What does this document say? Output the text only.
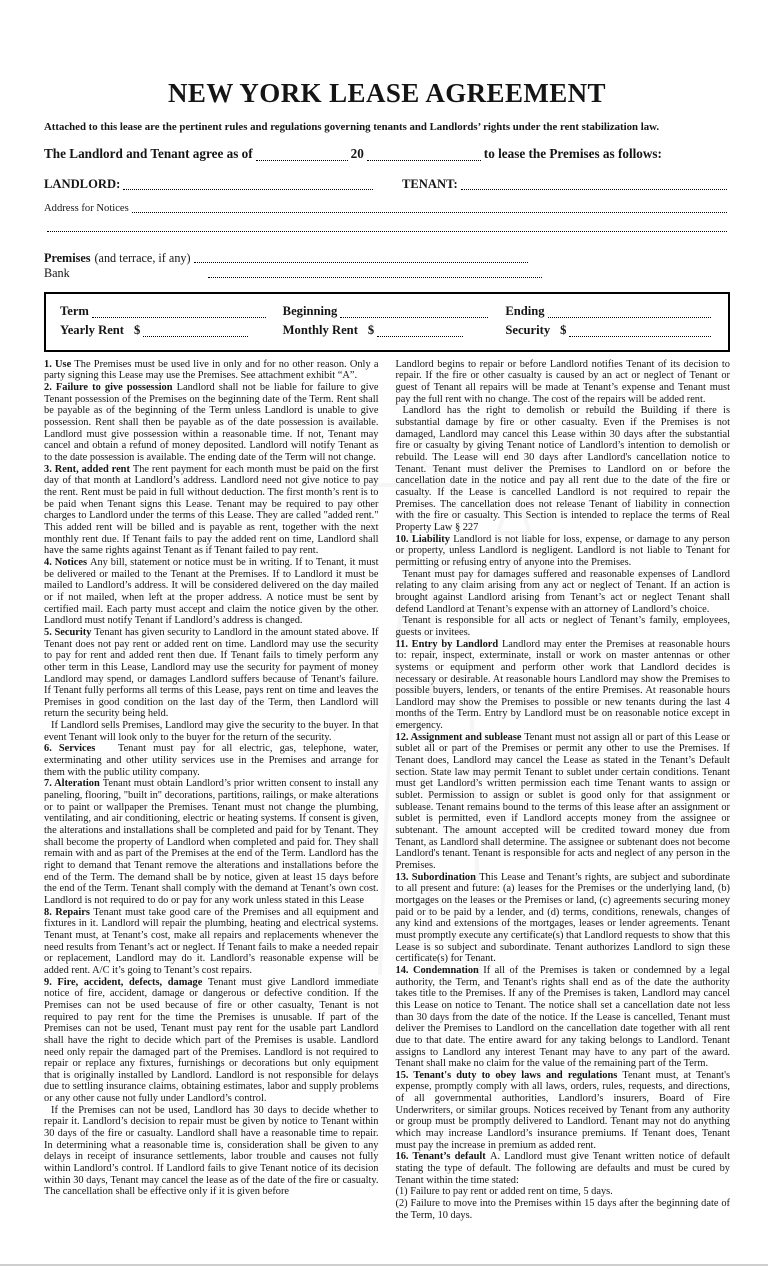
NEW YORK LEASE AGREEMENT

Attached to this lease are the pertinent rules and regulations governing tenants and Landlords’ rights under the rent stabilization law.

The Landlord and Tenant agree as of	20	to lease the Premises as follows:
LANDLORD:	TENANT:
Address for Notices
Premises (and terrace, if any)
Bank
Term	Beginning	Ending
Yearly Rent $	Monthly Rent $	Security $

1. Use The Premises must be used live in only and for no other reason. Only a party signing this Lease may use the Premises. See attachment exhibit “A”.

2. Failure to give possession Landlord shall not be liable for failure to give Tenant possession of the Premises on the beginning date of the Term. Rent shall be payable as of the beginning of the Term unless Landlord is unable to give possession. Rent shall then be payable as of the date possession is available. Landlord must give possession within a reasonable time. If not, Tenant may cancel and obtain a refund of money deposited. Landlord will notify Tenant as to the date possession is available. The ending date of the Term will not change.

3. Rent, added rent The rent payment for each month must be paid on the first day of that month at Landlord’s address. Landlord need not give notice to pay the rent. Rent must be paid in full without deduction. The first month’s rent is to be paid when Tenant signs this Lease. Tenant may be required to pay other charges to Landlord under the terms of this Lease. They are called "added rent." This added rent will be billed and is payable as rent, together with the next monthly rent due. If Tenant fails to pay the added rent on time, Landlord shall have the same rights against Tenant as if Tenant failed to pay rent.

4. Notices Any bill, statement or notice must be in writing. If to Tenant, it must be delivered or mailed to the Tenant at the Premises. If to Landlord it must be mailed to Landlord’s address. It will be considered delivered on the day mailed or if not mailed, when left at the proper address. A notice must be sent by certified mail. Each party must accept and claim the notice given by the other. Landlord must notify Tenant if Landlord’s address is changed.

5. Security Tenant has given security to Landlord in the amount stated above. If Tenant does not pay rent or added rent on time. Landlord may use the security to pay for rent and added rent then due. If Tenant fails to timely perform any other term in this Lease, Landlord may use the security for payment of money Landlord may spend, or damages Landlord suffers because of Tenant's failure. If Tenant fully performs all terms of this Lease, pays rent on time and leaves the Premises in good condition on the last day of the Term, then Landlord will return the security being held.

If Landlord sells Premises, Landlord may give the security to the buyer. In that event Tenant will look only to the buyer for the return of the security.

6. Services    Tenant must pay for all electric, gas, telephone, water, exterminating and other utility services use in the Premises and arrange for them with the public utility company.

7. Alteration Tenant must obtain Landlord’s prior written consent to install any paneling, flooring, "built in" decorations, partitions, railings, or make alterations or to paint or wallpaper the Premises. Tenant must not change the plumbing, ventilating, and air conditioning, electric or heating systems. If consent is given, the alterations and installations shall be completed and paid for by Tenant. They shall become the property of Landlord when completed and paid for. They shall remain with and as part of the Premises at the end of the Term. Landlord has the right to demand that Tenant remove the alterations and installations before the end of the Term. The demand shall be by notice, given at least 15 days before the end of the Term. Tenant shall comply with the demand at Tenant’s own cost. Landlord is not required to do or pay for any work unless stated in this Lease

8. Repairs Tenant must take good care of the Premises and all equipment and fixtures in it. Landlord will repair the plumbing, heating and electrical systems. Tenant must, at Tenant’s cost, make all repairs and replacements whenever the need results from Tenant’s act or neglect. If Tenant fails to make a needed repair or replacement, Landlord may do it. Landlord’s reasonable expense will be added rent. A/C it’s going to Tenant’s cost repairs.

9. Fire, accident, defects, damage Tenant must give Landlord immediate notice of fire, accident, damage or dangerous or defective condition. If the Premises can not be used because of fire or other casualty, Tenant is not required to pay rent for the time the Premises is unusable. If part of the Premises can not be used, Tenant must pay rent for the usable part Landlord shall have the right to decide which part of the Premises is usable. Landlord need only repair the damaged part of the Premises. Landlord is not required to repair or replace any fixtures, furnishings or decorations but only equipment that is originally installed by Landlord. Landlord is not responsible for delays due to settling insurance claims, obtaining estimates, labor and supply problems or any other cause not fully under Landlord’s control.

If the Premises can not be used, Landlord has 30 days to decide whether to repair it. Landlord’s decision to repair must be given by notice to Tenant within 30 days of the fire or casualty. Landlord shall have a reasonable time to repair. In determining what a reasonable time is, consideration shall be given to any delays in receipt of insurance settlements, labor trouble and causes not fully within Landlord’s control. If Landlord fails to give Tenant notice of its decision within 30 days, Tenant may cancel the lease as of the date of the fire or casualty. The cancellation shall be effective only if it is given before

Landlord begins to repair or before Landlord notifies Tenant of its decision to repair. If the fire or other casualty is caused by an act or neglect of Tenant or guest of Tenant all repairs will be made at Tenant’s expense and Tenant must pay the full rent with no change. The cost of the repairs will be added rent.

Landlord has the right to demolish or rebuild the Building if there is substantial damage by fire or other casualty. Even if the Premises is not damaged, Landlord may cancel this Lease within 30 days after the substantial fire or casualty by giving Tenant notice of Landlord’s intention to demolish or rebuild. The Lease will end 30 days after Landlord's cancellation notice to Tenant. Tenant must deliver the Premises to Landlord on or before the cancellation date in the notice and pay all rent due to the date of the fire or casualty. If the Lease is cancelled Landlord is not required to repair the Premises. The cancellation does not release Tenant of liability in connection with the fire or casualty. This Section is intended to replace the terms of Real Property Law § 227

10. Liability Landlord is not liable for loss, expense, or damage to any person or property, unless Landlord is negligent. Landlord is not liable to Tenant for permitting or refusing entry of anyone into the Premises.

Tenant must pay for damages suffered and reasonable expenses of Landlord relating to any claim arising from any act or neglect of Tenant. If an action is brought against Landlord arising from Tenant’s act or neglect Tenant shall defend Landlord at Tenant’s expense with an attorney of Landlord’s choice.

Tenant is responsible for all acts or neglect of Tenant’s family, employees, guests or invitees.

11. Entry by Landlord Landlord may enter the Premises at reasonable hours to: repair, inspect, exterminate, install or work on master antennas or other systems or equipment and perform other work that Landlord decides is necessary or desirable. At reasonable hours Landlord may show the Premises to possible buyers, lenders, or tenants of the entire Premises. At reasonable hours Landlord may show the Premises to possible or new tenants during the last 4 months of the Term. Entry by Landlord must be on reasonable notice except in emergency.

12. Assignment and sublease Tenant must not assign all or part of this Lease or sublet all or part of the Premises or permit any other to use the Premises. If Tenant does, Landlord may cancel the Lease as stated in the Tenant’s Default section. State law may permit Tenant to sublet under certain conditions. Tenant must get Landlord’s written permission each time Tenant wants to assign or sublet. Permission to assign or sublet is good only for that assignment or sublease. Tenant remains bound to the terms of this lease after an assignment or sublet is permitted, even if Landlord accepts money from the assignee or subtenant. The amount accepted will be credited toward money due from Tenant, as Landlord shall determine. The assignee or subtenant does not become Landlord's tenant. Tenant is responsible for acts and neglect of any person in the Premises.

13. Subordination This Lease and Tenant’s rights, are subject and subordinate to all present and future: (a) leases for the Premises or the underlying land, (b) mortgages on the leases or the Premises or land, (c) agreements securing money paid or to be paid by a lender, and (d) terms, conditions, renewals, changes of any kind and extensions of the mortgages, leases or lender agreements. Tenant must promptly execute any certificate(s) that Landlord requests to show that this Lease is so subject and subordinate. Tenant authorizes Landlord to sign these certificate(s) for Tenant.

14. Condemnation If all of the Premises is taken or condemned by a legal authority, the Term, and Tenant's rights shall end as of the date the authority takes title to the Premises. If any of the Premises is taken, Landlord may cancel this Lease on notice to Tenant. The notice shall set a cancellation date not less than 30 days from the date of the notice. If the Lease is cancelled, Tenant must deliver the Premises to Landlord on the cancellation date together with all rent due to that date. The entire award for any taking belongs to Landlord. Tenant assigns to Landlord any interest Tenant may have to any part of the award. Tenant shall make no claim for the value of the remaining part of the Term.

15. Tenant's duty to obey laws and regulations Tenant must, at Tenant's expense, promptly comply with all laws, orders, rules, requests, and directions, of all governmental authorities, Landlord’s insurers, Board of Fire Underwriters, or similar groups. Notices received by Tenant from any authority or group must be promptly delivered to Landlord. Tenant may not do anything which may increase Landlord’s insurance premiums. If Tenant does, Tenant must pay the increase in premium as added rent.

16. Tenant’s default A. Landlord must give Tenant written notice of default stating the type of default. The following are defaults and must be cured by Tenant within the time stated:

(1) Failure to pay rent or added rent on time, 5 days.

(2) Failure to move into the Premises within 15 days after the beginning date of the Term, 10 days.
